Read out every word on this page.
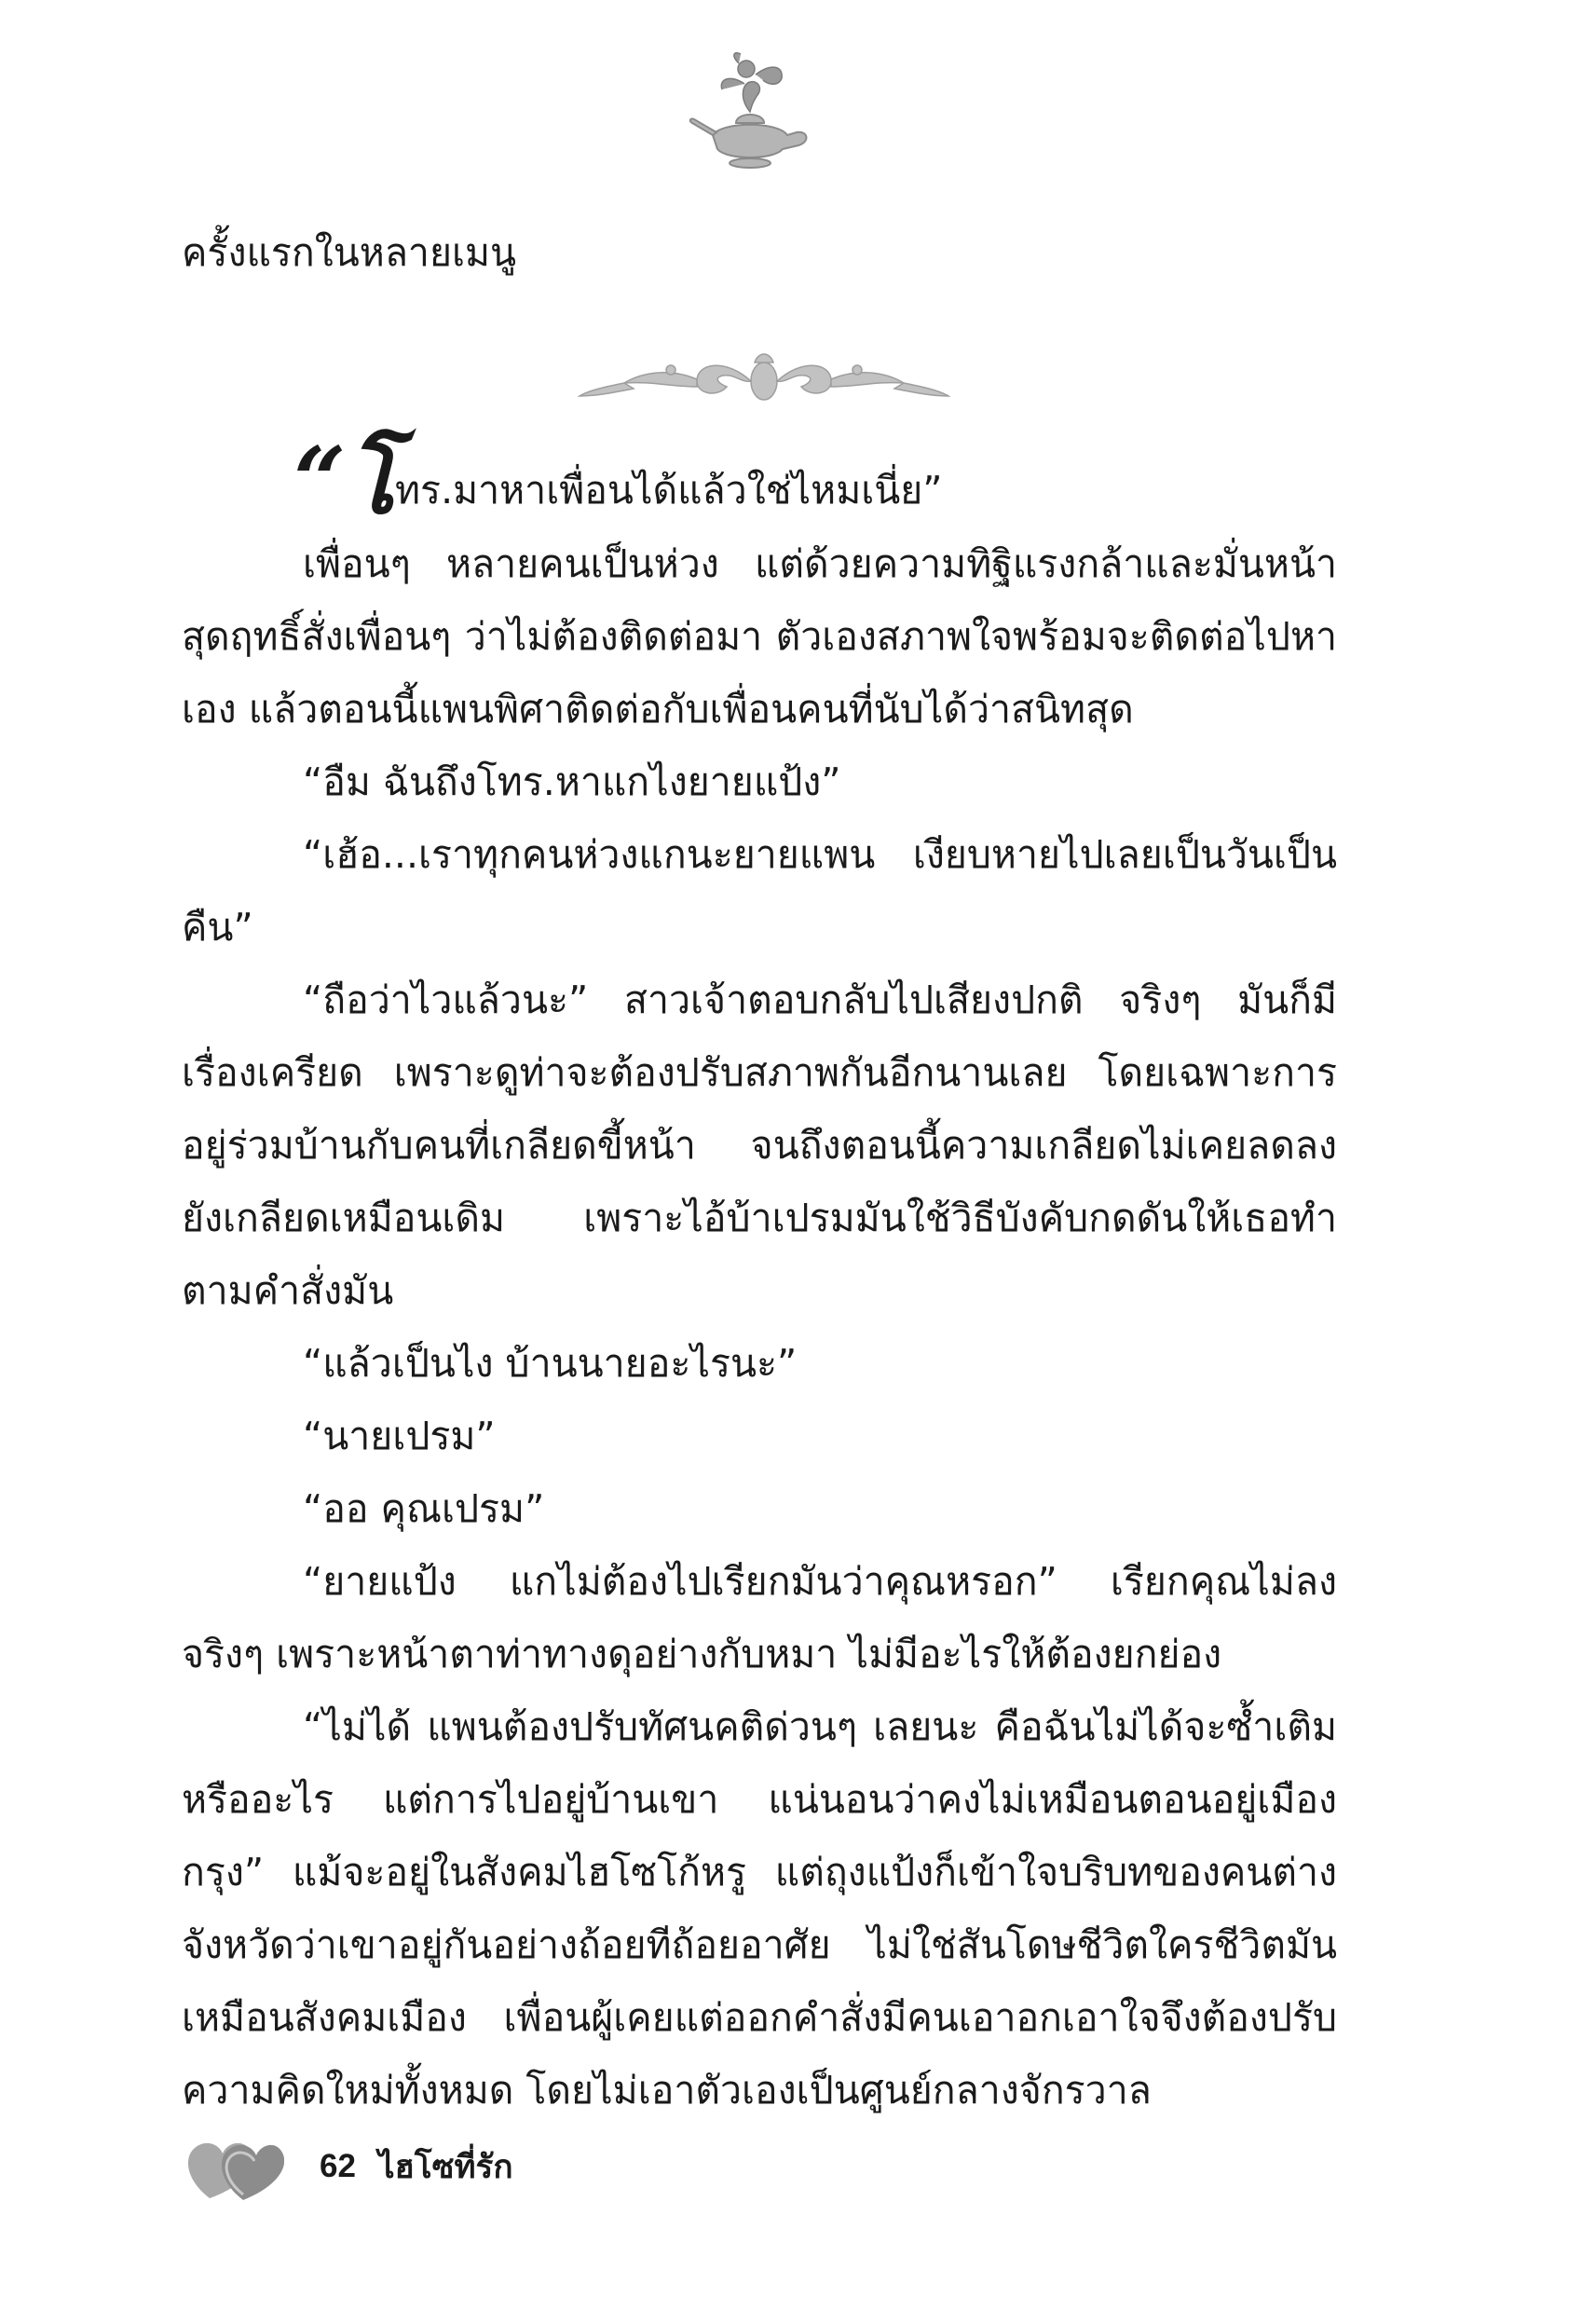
ครั้งแรกในหลายเมนู

“โทร.มาหาเพื่อนได้แล้วใช่ไหมเนี่ย”

เพื่อนๆ หลายคนเป็นห่วง แต่ด้วยความทิฐิแรงกล้าและมั่นหน้าสุดฤทธิ์สั่งเพื่อนๆ ว่าไม่ต้องติดต่อมา ตัวเองสภาพใจพร้อมจะติดต่อไปหาเอง แล้วตอนนี้แพนพิศาติดต่อกับเพื่อนคนที่นับได้ว่าสนิทสุด

“อืม ฉันถึงโทร.หาแกไงยายแป้ง”

“เฮ้อ...เราทุกคนห่วงแกนะยายแพน เงียบหายไปเลยเป็นวันเป็นคืน”

“ถือว่าไวแล้วนะ” สาวเจ้าตอบกลับไปเสียงปกติ จริงๆ มันก็มีเรื่องเครียด เพราะดูท่าจะต้องปรับสภาพกันอีกนานเลย โดยเฉพาะการอยู่ร่วมบ้านกับคนที่เกลียดขี้หน้า จนถึงตอนนี้ความเกลียดไม่เคยลดลง ยังเกลียดเหมือนเดิม เพราะไอ้บ้าเปรมมันใช้วิธีบังคับกดดันให้เธอทำตามคำสั่งมัน

“แล้วเป็นไง บ้านนายอะไรนะ”

“นายเปรม”

“ออ คุณเปรม”

“ยายแป้ง แกไม่ต้องไปเรียกมันว่าคุณหรอก” เรียกคุณไม่ลงจริงๆ เพราะหน้าตาท่าทางดุอย่างกับหมา ไม่มีอะไรให้ต้องยกย่อง

“ไม่ได้ แพนต้องปรับทัศนคติด่วนๆ เลยนะ คือฉันไม่ได้จะซ้ำเติมหรืออะไร แต่การไปอยู่บ้านเขา แน่นอนว่าคงไม่เหมือนตอนอยู่เมืองกรุง” แม้จะอยู่ในสังคมไฮโซโก้หรู แต่ถุงแป้งก็เข้าใจบริบทของคนต่างจังหวัดว่าเขาอยู่กันอย่างถ้อยทีถ้อยอาศัย ไม่ใช่สันโดษชีวิตใครชีวิตมันเหมือนสังคมเมือง เพื่อนผู้เคยแต่ออกคำสั่งมีคนเอาอกเอาใจจึงต้องปรับความคิดใหม่ทั้งหมด โดยไม่เอาตัวเองเป็นศูนย์กลางจักรวาล

62 ไฮโซที่รัก
